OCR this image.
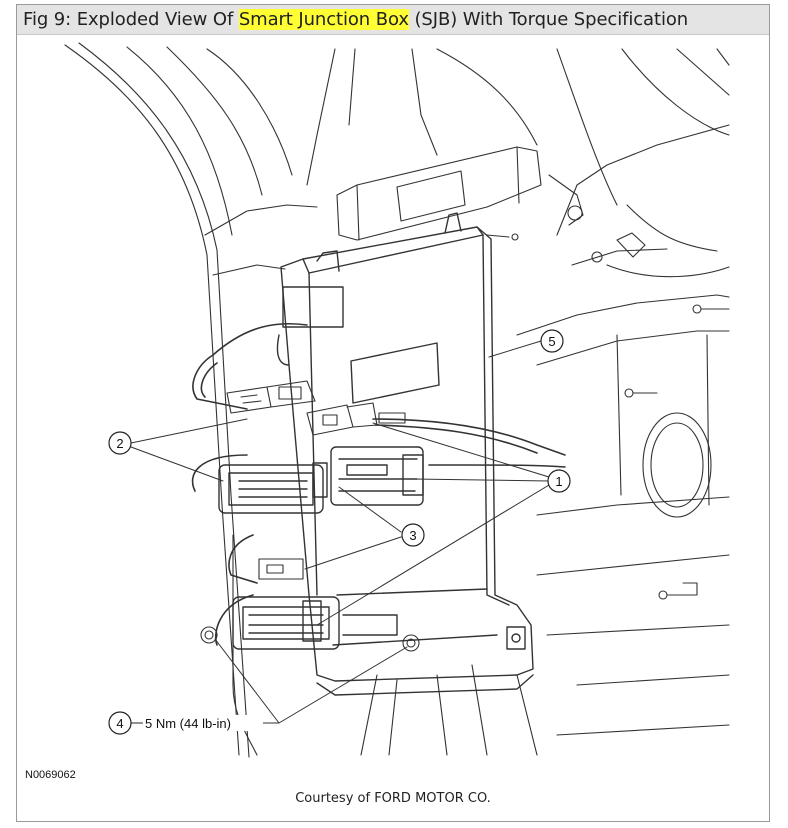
Fig 9: Exploded View Of Smart Junction Box (SJB) With Torque Specification
2
1
3
5
4 5 Nm (44 lb-in)
N0069062
Courtesy of FORD MOTOR CO.
